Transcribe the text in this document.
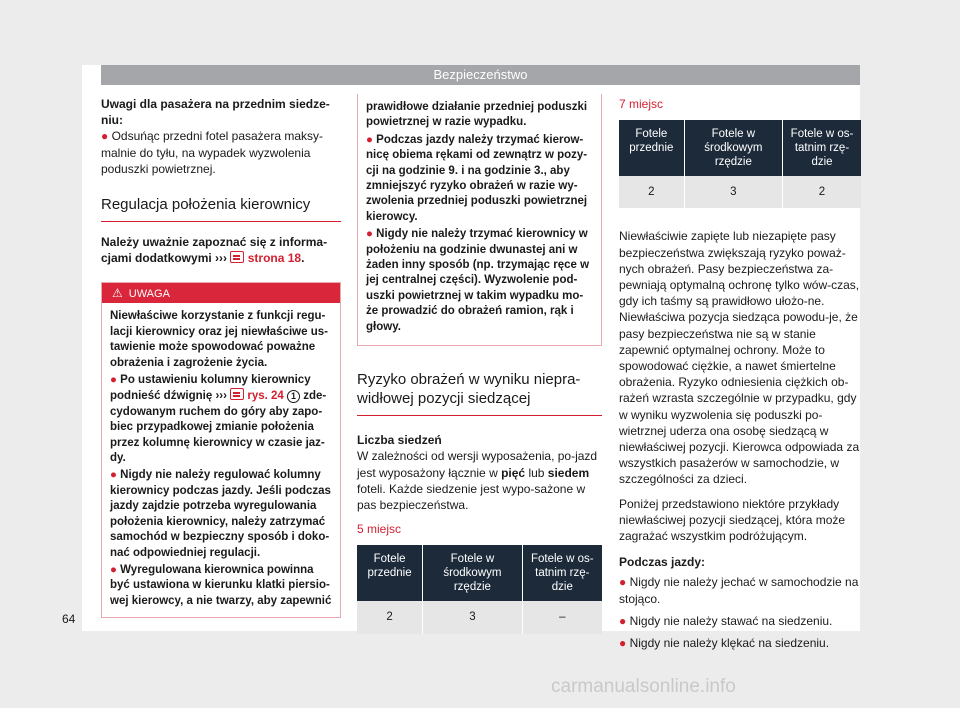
Bezpieczeństwo

Uwagi dla pasażera na przednim siedze-niu:

● Odsuńąc przedni fotel pasażera maksy-malnie do tyłu, na wypadek wyzwolenia poduszki powietrznej.

Regulacja położenia kierownicy

Należy uważnie zapoznać się z informa-cjami dodatkowymi ››› strona 18.

⚠ UWAGA

Niewłaściwe korzystanie z funkcji regu-lacji kierownicy oraz jej niewłaściwe us-tawienie może spowodować poważne obrażenia i zagrożenie życia.

● Po ustawieniu kolumny kierownicy podnieść dźwignię ››› rys. 24 1 zde-cydowanym ruchem do góry aby zapo-biec przypadkowej zmianie położenia przez kolumnę kierownicy w czasie jaz-dy.

● Nigdy nie należy regulować kolumny kierownicy podczas jazdy. Jeśli podczas jazdy zajdzie potrzeba wyregulowania położenia kierownicy, należy zatrzymać samochód w bezpieczny sposób i doko-nać odpowiedniej regulacji.

● Wyregulowana kierownica powinna być ustawiona w kierunku klatki piersio-wej kierowcy, a nie twarzy, aby zapewnić

prawidłowe działanie przedniej poduszki powietrznej w razie wypadku.

● Podczas jazdy należy trzymać kierow-nicę obiema rękami od zewnątrz w pozy-cji na godzinie 9. i na godzinie 3., aby zmniejszyć ryzyko obrażeń w razie wy-zwolenia przedniej poduszki powietrznej kierowcy.

● Nigdy nie należy trzymać kierownicy w położeniu na godzinie dwunastej ani w żaden inny sposób (np. trzymając ręce w jej centralnej części). Wyzwolenie pod-uszki powietrznej w takim wypadku mo-że prowadzić do obrażeń ramion, rąk i głowy.

Ryzyko obrażeń w wyniku niepra-widłowej pozycji siedzącej

Liczba siedzeń

W zależności od wersji wyposażenia, po-jazd jest wyposażony łącznie w pięć lub siedem foteli. Każde siedzenie jest wypo-sażone w pas bezpieczeństwa.

5 miejsc

Fotele przednie	Fotele w środkowym rzędzie	Fotele w os-tatnim rzę-dzie
2	3	–

7 miejsc

Fotele przednie	Fotele w środkowym rzędzie	Fotele w os-tatnim rzę-dzie
2	3	2

Niewłaściwie zapięte lub niezapięte pasy bezpieczeństwa zwiększają ryzyko poważ-nych obrażeń. Pasy bezpieczeństwa za-pewniają optymalną ochronę tylko wów-czas, gdy ich taśmy są prawidłowo ułożo-ne. Niewłaściwa pozycja siedząca powodu-je, że pasy bezpieczeństwa nie są w stanie zapewnić optymalnej ochrony. Może to spowodować ciężkie, a nawet śmiertelne obrażenia. Ryzyko odniesienia ciężkich ob-rażeń wzrasta szczególnie w przypadku, gdy w wyniku wyzwolenia się poduszki po-wietrznej uderza ona osobę siedzącą w niewłaściwej pozycji. Kierowca odpowiada za wszystkich pasażerów w samochodzie, w szczególności za dzieci.

Poniżej przedstawiono niektóre przykłady niewłaściwej pozycji siedzącej, która może zagrażać wszystkim podróżującym.

Podczas jazdy:

● Nigdy nie należy jechać w samochodzie na stojąco.

● Nigdy nie należy stawać na siedzeniu.

● Nigdy nie należy klękać na siedzeniu.

64
carmanualsonline.info
